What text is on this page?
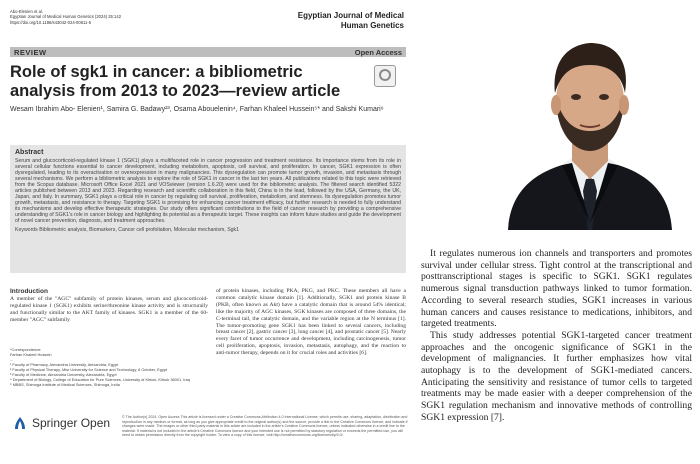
Abo-Elenien et al.
Egyptian Journal of Medical Human Genetics (2024) 25:142
https://doi.org/10.1186/s43042-024-00611-5
Egyptian Journal of Medical
Human Genetics
REVIEW	Open Access
Role of sgk1 in cancer: a bibliometric analysis from 2013 to 2023—review article
Wesam Ibrahim Abo- Elenien¹, Samira G. Badawy²³, Osama Abouelenin⁴, Farhan Khaleel Hussein⁵* and Sakshi Kumari⁶
Abstract
Serum and glucocorticoid-regulated kinase 1 (SGK1) plays a multifaceted role in cancer progression and treatment resistance. Its importance stems from its role in several cellular functions essential to cancer development, including metabolism, apoptosis, cell survival, and proliferation. In cancer, SGK1 expression is often dysregulated, leading to its overactivation or overexpression in many malignancies. This dysregulation can promote tumor growth, invasion, and metastasis through several mechanisms. We perform a bibliometric analysis to explore the role of SGK1 in cancer in the last ten years. All publications related to this topic were retrieved from the Scopus database. Microsoft Office Excel 2021 and VOSviewer (version 1.6.20) were used for the bibliometric analysis. The filtered search identified 5322 articles published between 2013 and 2023. Regarding research and scientific collaboration in this field, China is in the lead, followed by the USA, Germany, the UK, Japan, and Italy. In summary, SGK1 plays a critical role in cancer by regulating cell survival, proliferation, metabolism, and stemness. Its dysregulation promotes tumor growth, metastasis, and resistance to therapy. Targeting SGK1 is promising for enhancing cancer treatment efficacy, but further research is needed to fully understand its mechanisms and develop effective therapeutic strategies. Our study offers significant contributions to the field of cancer research by providing a comprehensive understanding of SGK1's role in cancer biology and highlighting its potential as a therapeutic target. These insights can inform future studies and guide the development of novel cancer prevention, diagnosis, and treatment approaches.
Keywords Bibliometric analysis, Biomarkers, Cancer cell profoliation, Molecular mechanism, Sgk1
Introduction
A member of the "AGC" subfamily of protein kinases, serum and glucocorticoid-regulated kinase 1 (SGK1) exhibits serine/threonine kinase activity and is structurally and functionally similar to the AKT family of kinases. SGK1 is a member of the 60-member "AGC" subfamily
*Correspondence:
Farhan Khaleel Hussein
...
¹ Faculty of Pharmacy, Alexandria University, Alexandria, Egypt
² Faculty of Physical Therapy, Misr University for Science and Technology, 6 October, Egypt
³ Faculty of Medicine, Alexandria University, Alexandria, Egypt
⁴ Department of Biology, College of Education for Pure Sciences, University of Kirkuk, Kirkuk 36001, Iraq
⁵ MBBS, Shimoga Institute of Medical Sciences, Shimoga, India
of protein kinases, including PKA, PKG, and PKC. These members all have a common catalytic kinase domain [1]. Additionally, SGK1 and protein kinase B (PKB, often known as Akt) have a catalytic domain that is around 54% identical; like the majority of AGC kinases, SGK kinases are composed of three domains, the C-terminal tail, the catalytic domain, and the variable region at the N terminus [1]. The tumor-promoting gene SGK1 has been linked to several cancers, including breast cancer [2], gastric cancer [3], lung cancer [4], and prostatic cancer [5]. Nearly every facet of tumor occurrence and development, including carcinogenesis, tumor cell proliferation, apoptosis, invasion, metastasis, autophagy, and the reaction to anti-tumor therapy, depends on it for crucial roles and activities [6].
Springer Open	© The Author(s) 2024. Open Access This article is licensed under a Creative Commons Attribution 4.0 International License, which permits use, sharing, adaptation, distribution and reproduction in any medium or format, as long as you give appropriate credit to the original author(s) and the source, provide a link to the Creative Commons licence, and indicate if changes were made. The images or other third party material in this article are included in the article's Creative Commons licence, unless indicated otherwise in a credit line to the material. If material is not included in the article's Creative Commons licence and your intended use is not permitted by statutory regulation or exceeds the permitted use, you will need to obtain permission directly from the copyright holder. To view a copy of this licence, visit http://creativecommons.org/licenses/by/4.0/.

It regulates numerous ion channels and transporters and promotes survival under cellular stress. Tight control at the transcriptional and posttranscriptional stages is specific to SGK1. SGK1 regulates numerous signal transduction pathways linked to tumor formation. According to several research studies, SGK1 increases in various human cancers and causes resistance to medications, inhibitors, and targeted treatments.

This study addresses potential SGK1-targeted cancer treatment approaches and the oncogenic significance of SGK1 in the development of malignancies. It further emphasizes how vital autophagy is to the development of SGK1-mediated cancers. Anticipating the sensitivity and resistance of tumor cells to targeted treatments may be made easier with a deeper comprehension of the SGK1 regulation mechanism and innovative methods of controlling SGK1 expression [7].
